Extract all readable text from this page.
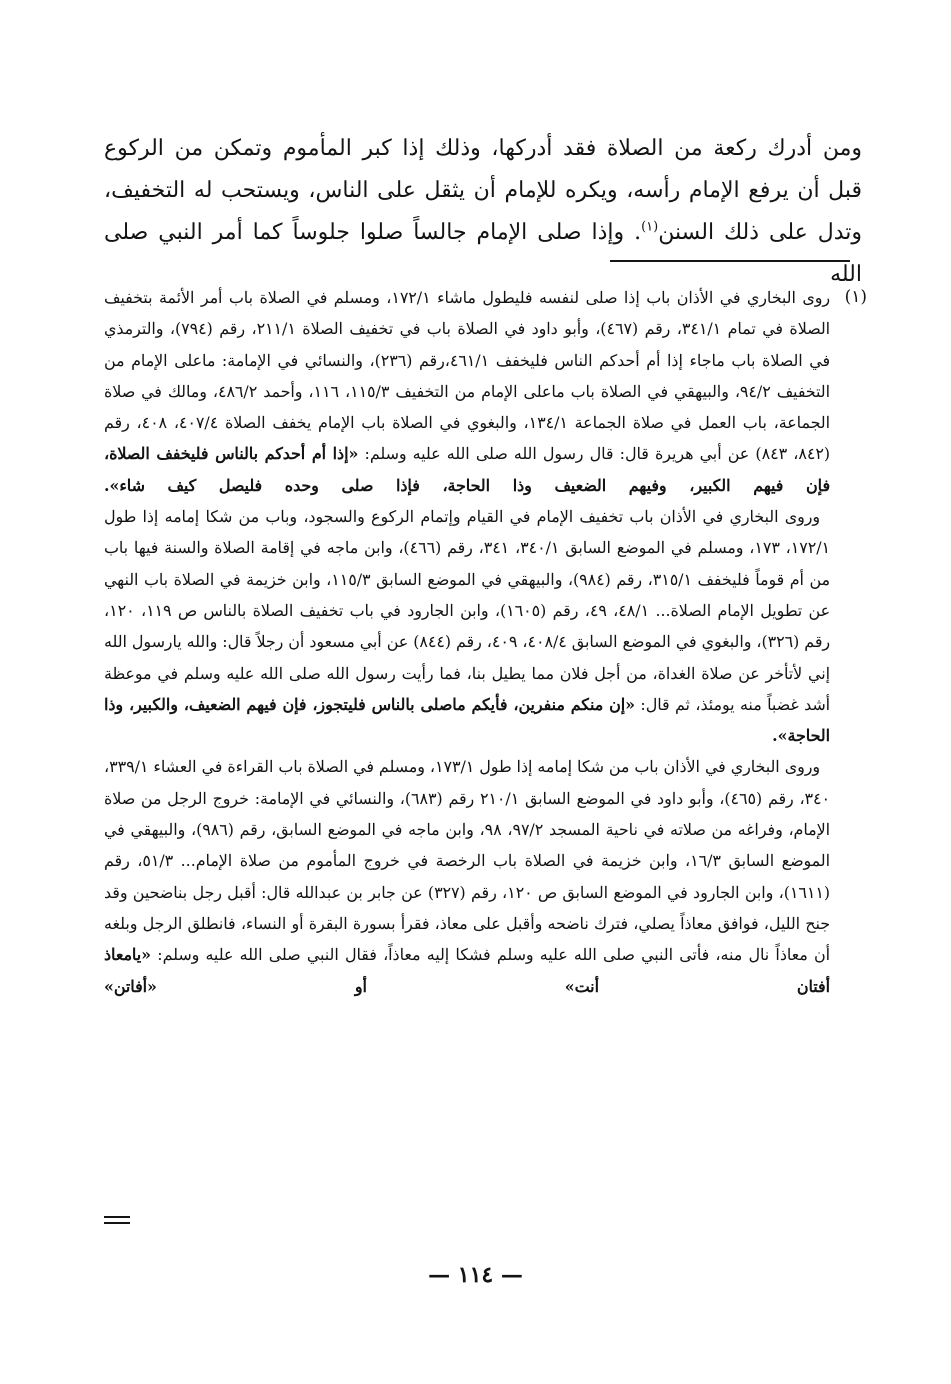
ومن أدرك ركعة من الصلاة فقد أدركها، وذلك إذا كبر المأموم وتمكن من الركوع

قبل أن يرفع الإمام رأسه، ويكره للإمام أن يثقل على الناس، ويستحب له التخفيف،

وتدل على ذلك السنن$^{(١)}$. وإذا صلى الإمام جالساً صلوا جلوساً كما أمر النبي صلى الله

(١)

روى البخاري في الأذان باب إذا صلى لنفسه فليطول ماشاء ١٧٢/١، ومسلم في الصلاة باب أمر الأئمة بتخفيف الصلاة في تمام ٣٤١/١، رقم (٤٦٧)، وأبو داود في الصلاة باب في تخفيف الصلاة ٢١١/١، رقم (٧٩٤)، والترمذي في الصلاة باب ماجاء إذا أم أحدكم الناس فليخفف ٤٦١/١،رقم (٢٣٦)، والنسائي في الإمامة: ماعلى الإمام من التخفيف ٩٤/٢، والبيهقي في الصلاة باب ماعلى الإمام من التخفيف ١١٥/٣، ١١٦، وأحمد ٤٨٦/٢، ومالك في صلاة الجماعة، باب العمل في صلاة الجماعة ١٣٤/١، والبغوي في الصلاة باب الإمام يخفف الصلاة ٤٠٧/٤، ٤٠٨، رقم (٨٤٢، ٨٤٣) عن أبي هريرة قال: قال رسول الله صلى الله عليه وسلم: «إذا أم أحدكم بالناس فليخفف الصلاة، فإن فيهم الكبير، وفيهم الضعيف وذا الحاجة، فإذا صلى وحده فليصل كيف شاء».

وروى البخاري في الأذان باب تخفيف الإمام في القيام وإتمام الركوع والسجود، وباب من شكا إمامه إذا طول ١٧٢/١، ١٧٣، ومسلم في الموضع السابق ٣٤٠/١، ٣٤١، رقم (٤٦٦)، وابن ماجه في إقامة الصلاة والسنة فيها باب من أم قوماً فليخفف ٣١٥/١، رقم (٩٨٤)، والبيهقي في الموضع السابق ١١٥/٣، وابن خزيمة في الصلاة باب النهي عن تطويل الإمام الصلاة... ٤٨/١، ٤٩، رقم (١٦٠٥)، وابن الجارود في باب تخفيف الصلاة بالناس ص ١١٩، ١٢٠، رقم (٣٢٦)، والبغوي في الموضع السابق ٤٠٨/٤، ٤٠٩، رقم (٨٤٤) عن أبي مسعود أن رجلاً قال: والله يارسول الله إني لأتأخر عن صلاة الغداة، من أجل فلان مما يطيل بنا، فما رأيت رسول الله صلى الله عليه وسلم في موعظة أشد غضباً منه يومئذ، ثم قال: «إن منكم منفرين، فأيكم ماصلى بالناس فليتجوز، فإن فيهم الضعيف، والكبير، وذا الحاجة».

وروى البخاري في الأذان باب من شكا إمامه إذا طول ١٧٣/١، ومسلم في الصلاة باب القراءة في العشاء ٣٣٩/١، ٣٤٠، رقم (٤٦٥)، وأبو داود في الموضع السابق ٢١٠/١ رقم (٦٨٣)، والنسائي في الإمامة: خروج الرجل من صلاة الإمام، وفراغه من صلاته في ناحية المسجد ٩٧/٢، ٩٨، وابن ماجه في الموضع السابق، رقم (٩٨٦)، والبيهقي في الموضع السابق ١٦/٣، وابن خزيمة في الصلاة باب الرخصة في خروج المأموم من صلاة الإمام... ٥١/٣، رقم (١٦١١)، وابن الجارود في الموضع السابق ص ١٢٠، رقم (٣٢٧) عن جابر بن عبدالله قال: أقبل رجل بناضحين وقد جنح الليل، فوافق معاذاً يصلي، فترك ناضحه وأقبل على معاذ، فقرأ بسورة البقرة أو النساء، فانطلق الرجل وبلغه أن معاذاً نال منه، فأتى النبي صلى الله عليه وسلم فشكا إليه معاذاً، فقال النبي صلى الله عليه وسلم: «يامعاذ أفتان أنت» أو «أفاتن»

— ١١٤ —
